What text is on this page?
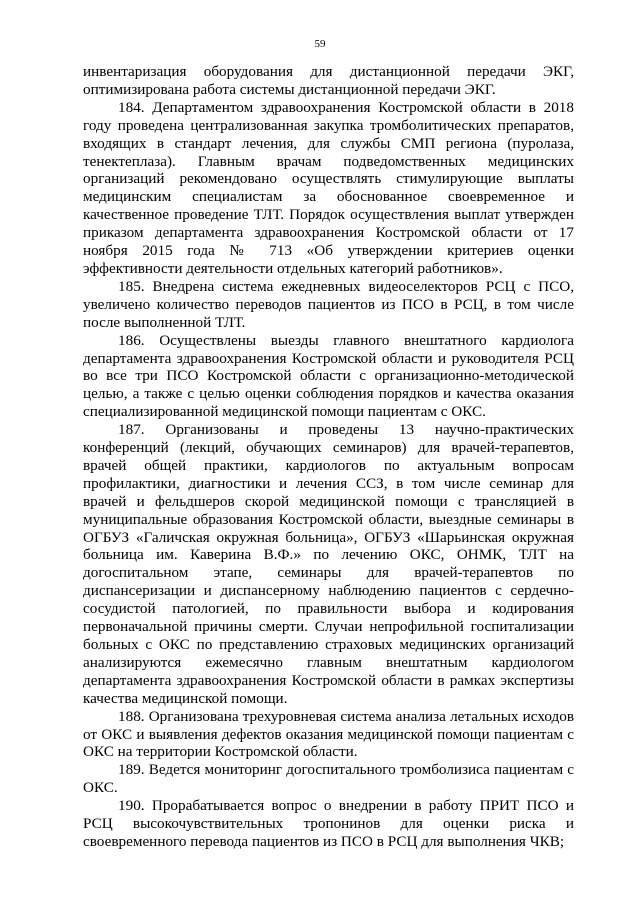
59

инвентаризация оборудования для дистанционной передачи ЭКГ, оптимизирована работа системы дистанционной передачи ЭКГ.

184. Департаментом здравоохранения Костромской области в 2018 году проведена централизованная закупка тромболитических препаратов, входящих в стандарт лечения, для службы СМП региона (пуролаза, тенектеплаза). Главным врачам подведомственных медицинских организаций рекомендовано осуществлять стимулирующие выплаты медицинским специалистам за обоснованное своевременное и качественное проведение ТЛТ. Порядок осуществления выплат утвержден приказом департамента здравоохранения Костромской области от 17 ноября 2015 года № 713 «Об утверждении критериев оценки эффективности деятельности отдельных категорий работников».

185. Внедрена система ежедневных видеоселекторов РСЦ с ПСО, увеличено количество переводов пациентов из ПСО в РСЦ, в том числе после выполненной ТЛТ.

186. Осуществлены выезды главного внештатного кардиолога департамента здравоохранения Костромской области и руководителя РСЦ во все три ПСО Костромской области с организационно-методической целью, а также с целью оценки соблюдения порядков и качества оказания специализированной медицинской помощи пациентам с ОКС.

187. Организованы и проведены 13 научно-практических конференций (лекций, обучающих семинаров) для врачей-терапевтов, врачей общей практики, кардиологов по актуальным вопросам профилактики, диагностики и лечения ССЗ, в том числе семинар для врачей и фельдшеров скорой медицинской помощи с трансляцией в муниципальные образования Костромской области, выездные семинары в ОГБУЗ «Галичская окружная больница», ОГБУЗ «Шарьинская окружная больница им. Каверина В.Ф.» по лечению ОКС, ОНМК, ТЛТ на догоспитальном этапе, семинары для врачей-терапевтов по диспансеризации и диспансерному наблюдению пациентов с сердечно-сосудистой патологией, по правильности выбора и кодирования первоначальной причины смерти. Случаи непрофильной госпитализации больных с ОКС по представлению страховых медицинских организаций анализируются ежемесячно главным внештатным кардиологом департамента здравоохранения Костромской области в рамках экспертизы качества медицинской помощи.

188. Организована трехуровневая система анализа летальных исходов от ОКС и выявления дефектов оказания медицинской помощи пациентам с ОКС на территории Костромской области.

189. Ведется мониторинг догоспитального тромболизиса пациентам с ОКС.

190. Прорабатывается вопрос о внедрении в работу ПРИТ ПСО и РСЦ высокочувствительных тропонинов для оценки риска и своевременного перевода пациентов из ПСО в РСЦ для выполнения ЧКВ;
